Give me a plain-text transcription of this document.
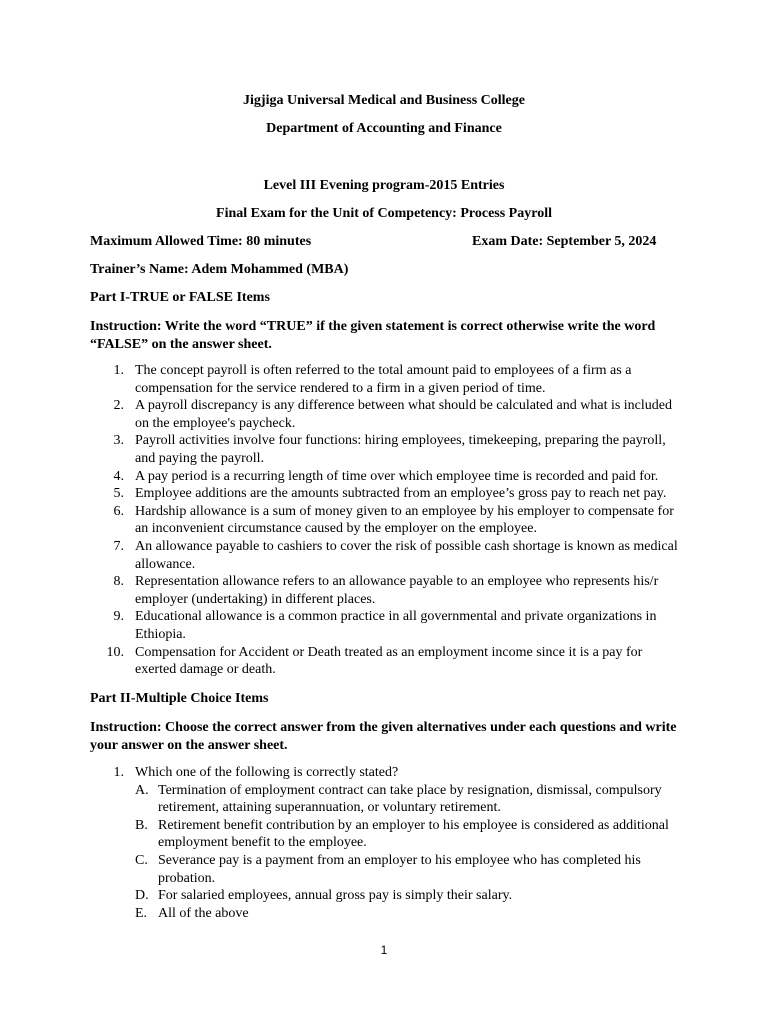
Jigjiga Universal Medical and Business College
Department of Accounting and Finance
Level III Evening program-2015 Entries
Final Exam for the Unit of Competency: Process Payroll
Maximum Allowed Time: 80 minutes	Exam Date: September 5, 2024
Trainer’s Name: Adem Mohammed (MBA)
Part I-TRUE or FALSE Items
Instruction: Write the word “TRUE” if the given statement is correct otherwise write the word “FALSE” on the answer sheet.
1. The concept payroll is often referred to the total amount paid to employees of a firm as a compensation for the service rendered to a firm in a given period of time.
2. A payroll discrepancy is any difference between what should be calculated and what is included on the employee's paycheck.
3. Payroll activities involve four functions: hiring employees, timekeeping, preparing the payroll, and paying the payroll.
4. A pay period is a recurring length of time over which employee time is recorded and paid for.
5. Employee additions are the amounts subtracted from an employee’s gross pay to reach net pay.
6. Hardship allowance is a sum of money given to an employee by his employer to compensate for an inconvenient circumstance caused by the employer on the employee.
7. An allowance payable to cashiers to cover the risk of possible cash shortage is known as medical allowance.
8. Representation allowance refers to an allowance payable to an employee who represents his/r employer (undertaking) in different places.
9. Educational allowance is a common practice in all governmental and private organizations in Ethiopia.
10. Compensation for Accident or Death treated as an employment income since it is a pay for exerted damage or death.
Part II-Multiple Choice Items
Instruction: Choose the correct answer from the given alternatives under each questions and write your answer on the answer sheet.
1. Which one of the following is correctly stated?
A. Termination of employment contract can take place by resignation, dismissal, compulsory retirement, attaining superannuation, or voluntary retirement.
B. Retirement benefit contribution by an employer to his employee is considered as additional employment benefit to the employee.
C. Severance pay is a payment from an employer to his employee who has completed his probation.
D. For salaried employees, annual gross pay is simply their salary.
E. All of the above
1
